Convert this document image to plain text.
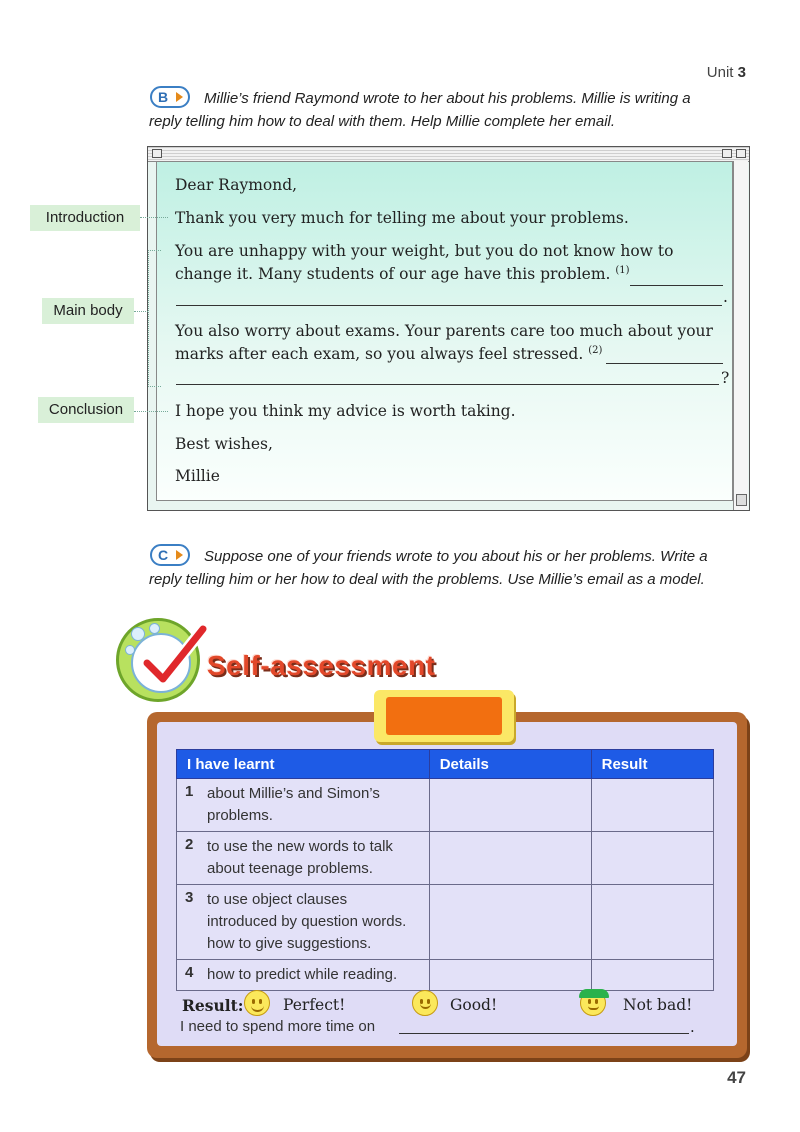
Unit 3
B Millie’s friend Raymond wrote to her about his problems. Millie is writing a
reply telling him how to deal with them. Help Millie complete her email.
Dear Raymond,
Thank you very much for telling me about your problems.
You are unhappy with your weight, but you do not know how to
change it. Many students of our age have this problem. $^{(1)}$
.
You also worry about exams. Your parents care too much about your
marks after each exam, so you always feel stressed. $^{(2)}$
?
I hope you think my advice is worth taking.
Best wishes,
Millie
Introduction
Main body
Conclusion
C Suppose one of your friends wrote to you about his or her problems. Write a
reply telling him or her how to deal with the problems. Use Millie’s email as a model.
Self-assessment
I have learnt	Details	Result
1 about Millie’s and Simon’s problems.		
2 to use the new words to talk about teenage problems.		
3 to use object clauses introduced by question words. how to give suggestions.		
4 how to predict while reading.		
Result:	Perfect!	Good!	Not bad!
I need to spend more time on	.
47
